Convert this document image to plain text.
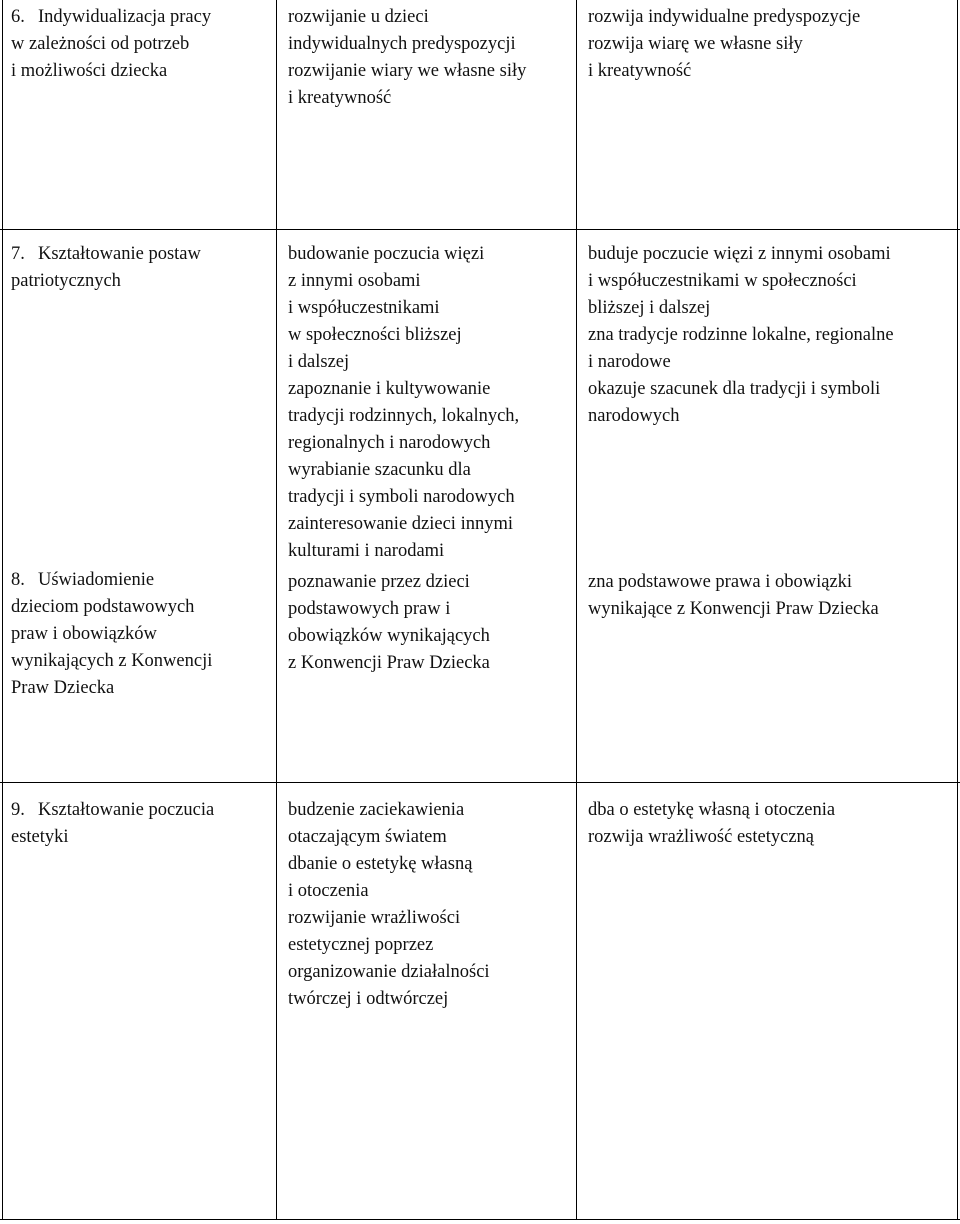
6. Indywidualizacja pracy
w zależności od potrzeb
i możliwości dziecka
rozwijanie u dzieci
indywidualnych predyspozycji
rozwijanie wiary we własne siły
i kreatywność
rozwija indywidualne predyspozycje
rozwija wiarę we własne siły
i kreatywność
7. Kształtowanie postaw
patriotycznych
budowanie poczucia więzi
z innymi osobami
i współuczestnikami
w społeczności bliższej
i dalszej
zapoznanie i kultywowanie
tradycji rodzinnych, lokalnych,
regionalnych i narodowych
wyrabianie szacunku dla
tradycji i symboli narodowych
zainteresowanie dzieci innymi
kulturami i narodami
buduje poczucie więzi z innymi osobami
i współuczestnikami w społeczności
bliższej i dalszej
zna tradycje rodzinne lokalne, regionalne
i narodowe
okazuje szacunek dla tradycji i symboli
narodowych
8. Uświadomienie
dzieciom podstawowych
praw i obowiązków
wynikających z Konwencji
Praw Dziecka
poznawanie przez dzieci
podstawowych praw i
obowiązków wynikających
z Konwencji Praw Dziecka
zna podstawowe prawa i obowiązki
wynikające z Konwencji Praw Dziecka
9. Kształtowanie poczucia
estetyki
budzenie zaciekawienia
otaczającym światem
dbanie o estetykę własną
i otoczenia
rozwijanie wrażliwości
estetycznej poprzez
organizowanie działalności
twórczej i odtwórczej
dba o estetykę własną i otoczenia
rozwija wrażliwość estetyczną
